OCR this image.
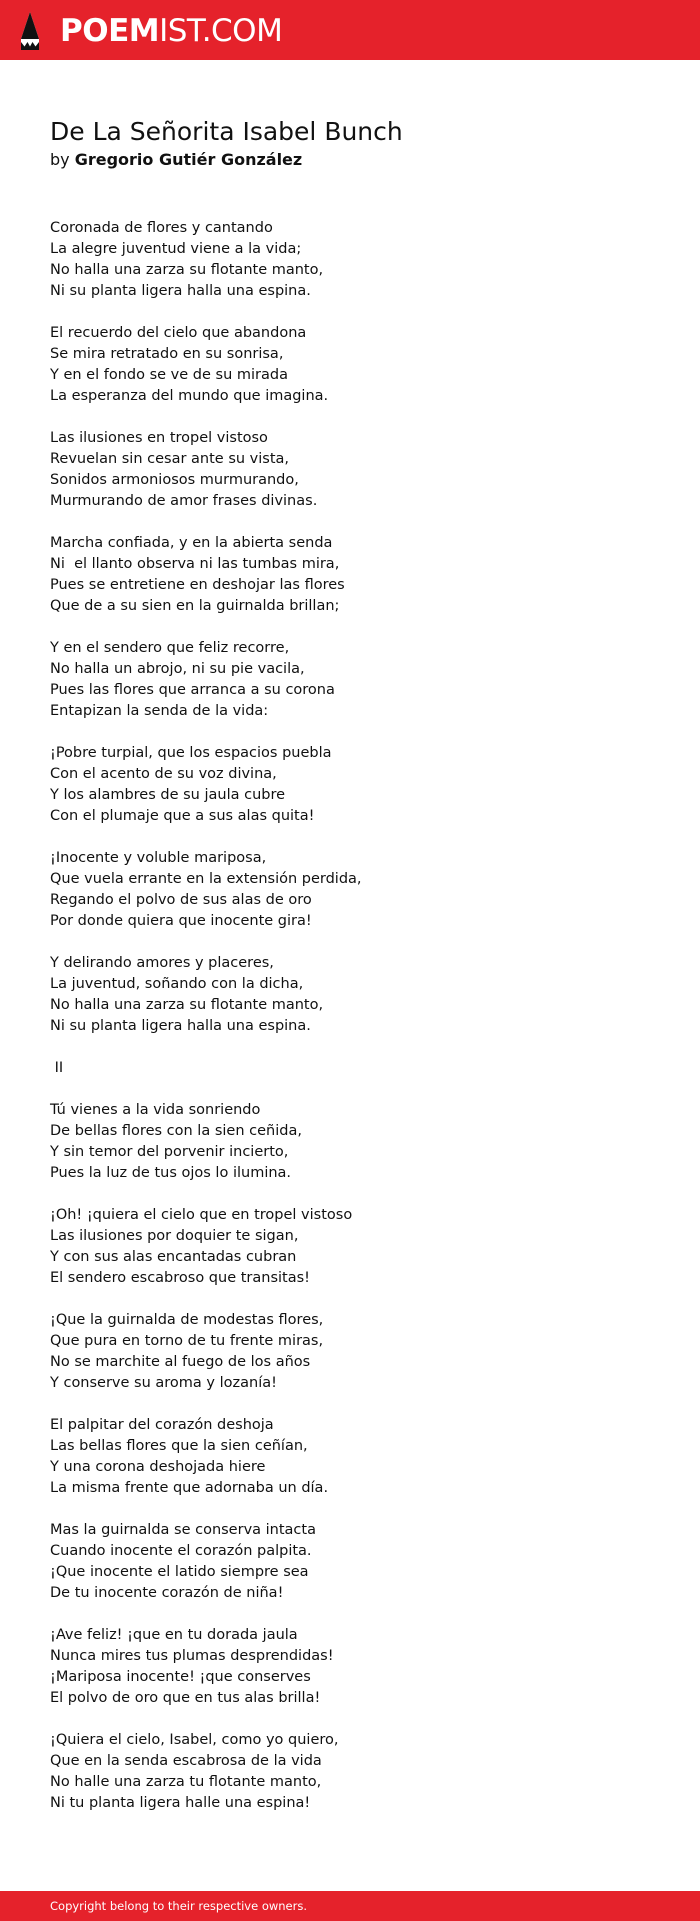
POEMIST.COM
De La Señorita Isabel Bunch
by Gregorio Gutiér González
Coronada de flores y cantando
La alegre juventud viene a la vida;
No halla una zarza su flotante manto,
Ni su planta ligera halla una espina.
El recuerdo del cielo que abandona
Se mira retratado en su sonrisa,
Y en el fondo se ve de su mirada
La esperanza del mundo que imagina.
Las ilusiones en tropel vistoso
Revuelan sin cesar ante su vista,
Sonidos armoniosos murmurando,
Murmurando de amor frases divinas.
Marcha confiada, y en la abierta senda
Ni  el llanto observa ni las tumbas mira,
Pues se entretiene en deshojar las flores
Que de a su sien en la guirnalda brillan;
Y en el sendero que feliz recorre,
No halla un abrojo, ni su pie vacila,
Pues las flores que arranca a su corona
Entapizan la senda de la vida:
¡Pobre turpial, que los espacios puebla
Con el acento de su voz divina,
Y los alambres de su jaula cubre
Con el plumaje que a sus alas quita!
¡Inocente y voluble mariposa,
Que vuela errante en la extensión perdida,
Regando el polvo de sus alas de oro
Por donde quiera que inocente gira!
Y delirando amores y placeres,
La juventud, soñando con la dicha,
No halla una zarza su flotante manto,
Ni su planta ligera halla una espina.
II
Tú vienes a la vida sonriendo
De bellas flores con la sien ceñida,
Y sin temor del porvenir incierto,
Pues la luz de tus ojos lo ilumina.
¡Oh! ¡quiera el cielo que en tropel vistoso
Las ilusiones por doquier te sigan,
Y con sus alas encantadas cubran
El sendero escabroso que transitas!
¡Que la guirnalda de modestas flores,
Que pura en torno de tu frente miras,
No se marchite al fuego de los años
Y conserve su aroma y lozanía!
El palpitar del corazón deshoja
Las bellas flores que la sien ceñían,
Y una corona deshojada hiere
La misma frente que adornaba un día.
Mas la guirnalda se conserva intacta
Cuando inocente el corazón palpita.
¡Que inocente el latido siempre sea
De tu inocente corazón de niña!
¡Ave feliz! ¡que en tu dorada jaula
Nunca mires tus plumas desprendidas!
¡Mariposa inocente! ¡que conserves
El polvo de oro que en tus alas brilla!
¡Quiera el cielo, Isabel, como yo quiero,
Que en la senda escabrosa de la vida
No halle una zarza tu flotante manto,
Ni tu planta ligera halle una espina!
Copyright belong to their respective owners.
